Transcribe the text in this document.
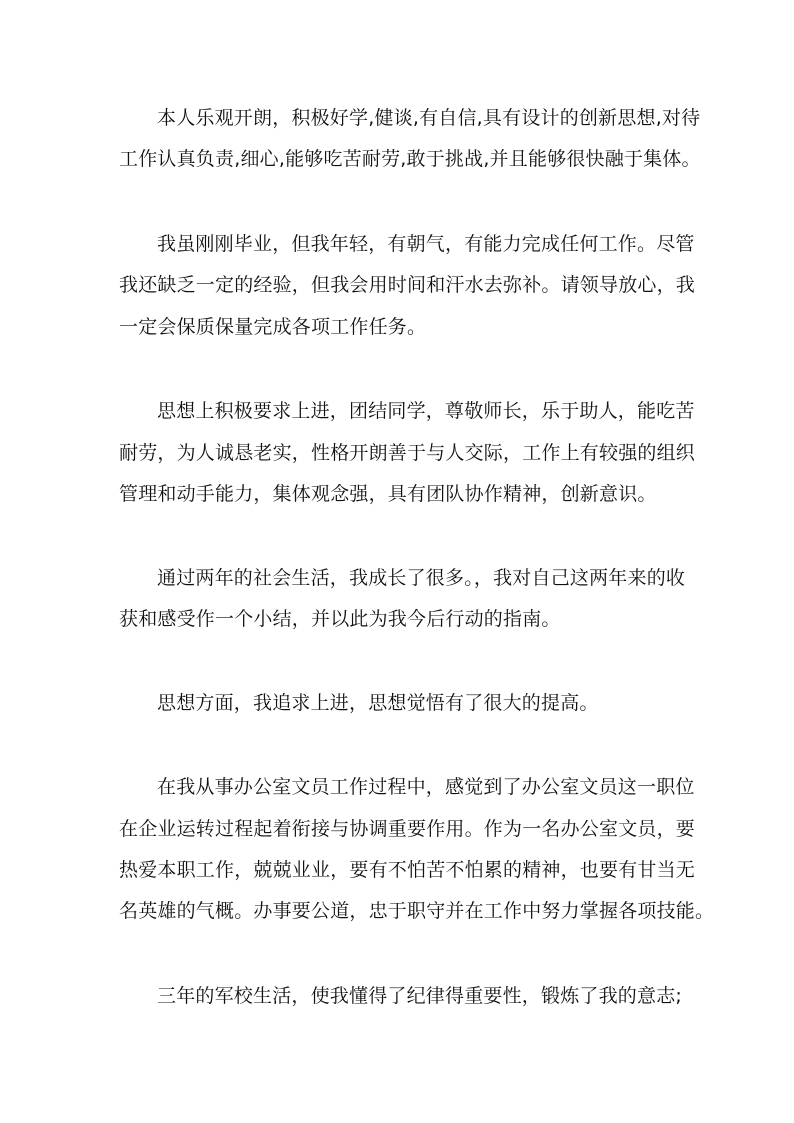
本人乐观开朗，积极好学,健谈,有自信,具有设计的创新思想,对待
工作认真负责,细心,能够吃苦耐劳,敢于挑战,并且能够很快融于集体。
我虽刚刚毕业，但我年轻，有朝气，有能力完成任何工作。尽管
我还缺乏一定的经验，但我会用时间和汗水去弥补。请领导放心，我
一定会保质保量完成各项工作任务。
思想上积极要求上进，团结同学，尊敬师长，乐于助人，能吃苦
耐劳，为人诚恳老实，性格开朗善于与人交际，工作上有较强的组织
管理和动手能力，集体观念强，具有团队协作精神，创新意识。
通过两年的社会生活，我成长了很多。，我对自己这两年来的收
获和感受作一个小结，并以此为我今后行动的指南。
思想方面，我追求上进，思想觉悟有了很大的提高。
在我从事办公室文员工作过程中，感觉到了办公室文员这一职位
在企业运转过程起着衔接与协调重要作用。作为一名办公室文员，要
热爱本职工作，兢兢业业，要有不怕苦不怕累的精神，也要有甘当无
名英雄的气概。办事要公道，忠于职守并在工作中努力掌握各项技能。
三年的军校生活，使我懂得了纪律得重要性，锻炼了我的意志;
